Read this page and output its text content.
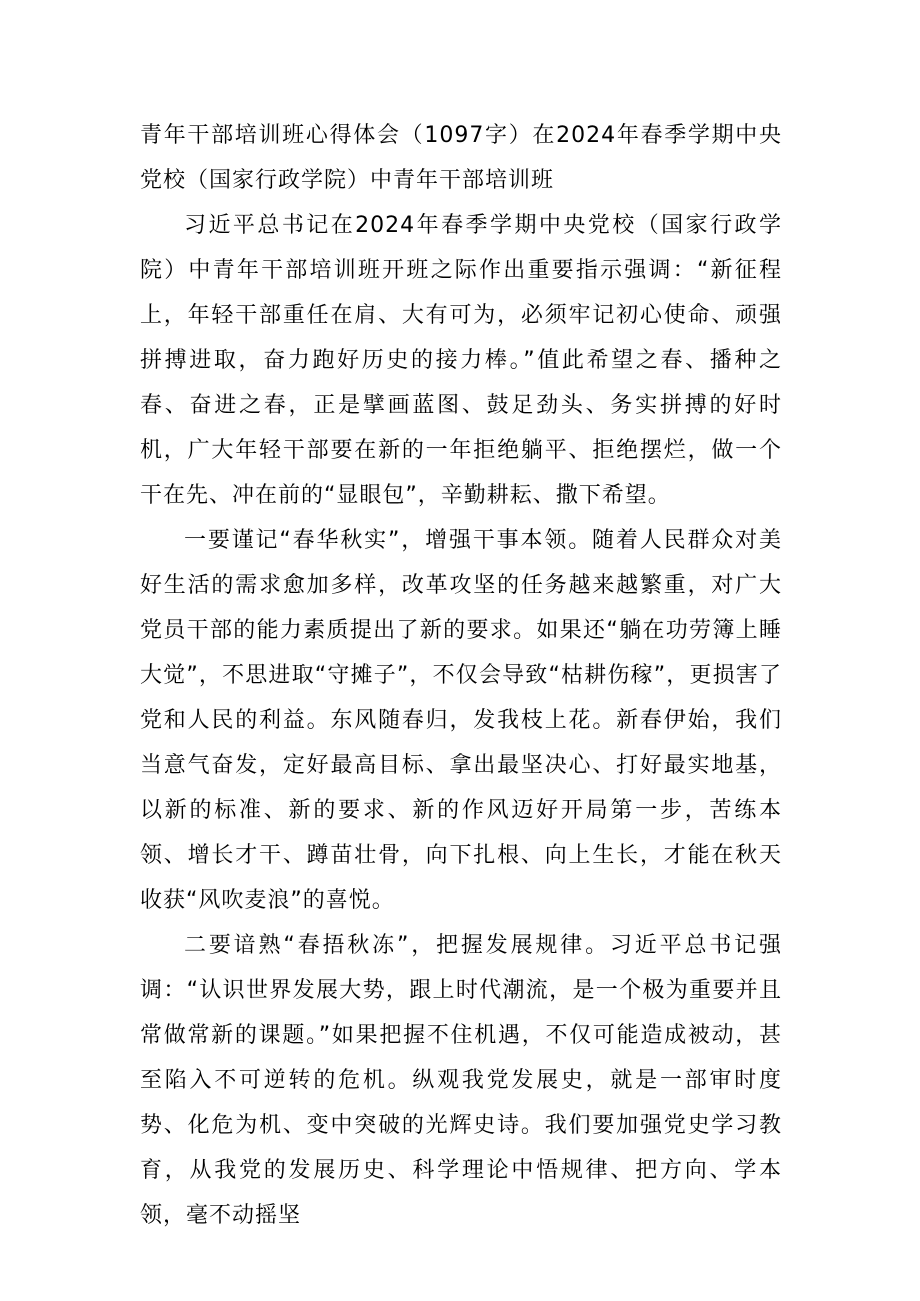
青年干部培训班心得体会（1097字）在2024年春季学期中央党校（国家行政学院）中青年干部培训班

习近平总书记在2024年春季学期中央党校（国家行政学院）中青年干部培训班开班之际作出重要指示强调：“新征程上，年轻干部重任在肩、大有可为，必须牢记初心使命、顽强拼搏进取，奋力跑好历史的接力棒。”值此希望之春、播种之春、奋进之春，正是擘画蓝图、鼓足劲头、务实拼搏的好时机，广大年轻干部要在新的一年拒绝躺平、拒绝摆烂，做一个干在先、冲在前的“显眼包”，辛勤耕耘、撒下希望。

一要谨记“春华秋实”，增强干事本领。随着人民群众对美好生活的需求愈加多样，改革攻坚的任务越来越繁重，对广大党员干部的能力素质提出了新的要求。如果还“躺在功劳簿上睡大觉”，不思进取“守摊子”，不仅会导致“枯耕伤稼”，更损害了党和人民的利益。东风随春归，发我枝上花。新春伊始，我们当意气奋发，定好最高目标、拿出最坚决心、打好最实地基，以新的标准、新的要求、新的作风迈好开局第一步，苦练本领、增长才干、蹲苗壮骨，向下扎根、向上生长，才能在秋天收获“风吹麦浪”的喜悦。

二要谙熟“春捂秋冻”，把握发展规律。习近平总书记强调：“认识世界发展大势，跟上时代潮流，是一个极为重要并且常做常新的课题。”如果把握不住机遇，不仅可能造成被动，甚至陷入不可逆转的危机。纵观我党发展史，就是一部审时度势、化危为机、变中突破的光辉史诗。我们要加强党史学习教育，从我党的发展历史、科学理论中悟规律、把方向、学本领，毫不动摇坚
